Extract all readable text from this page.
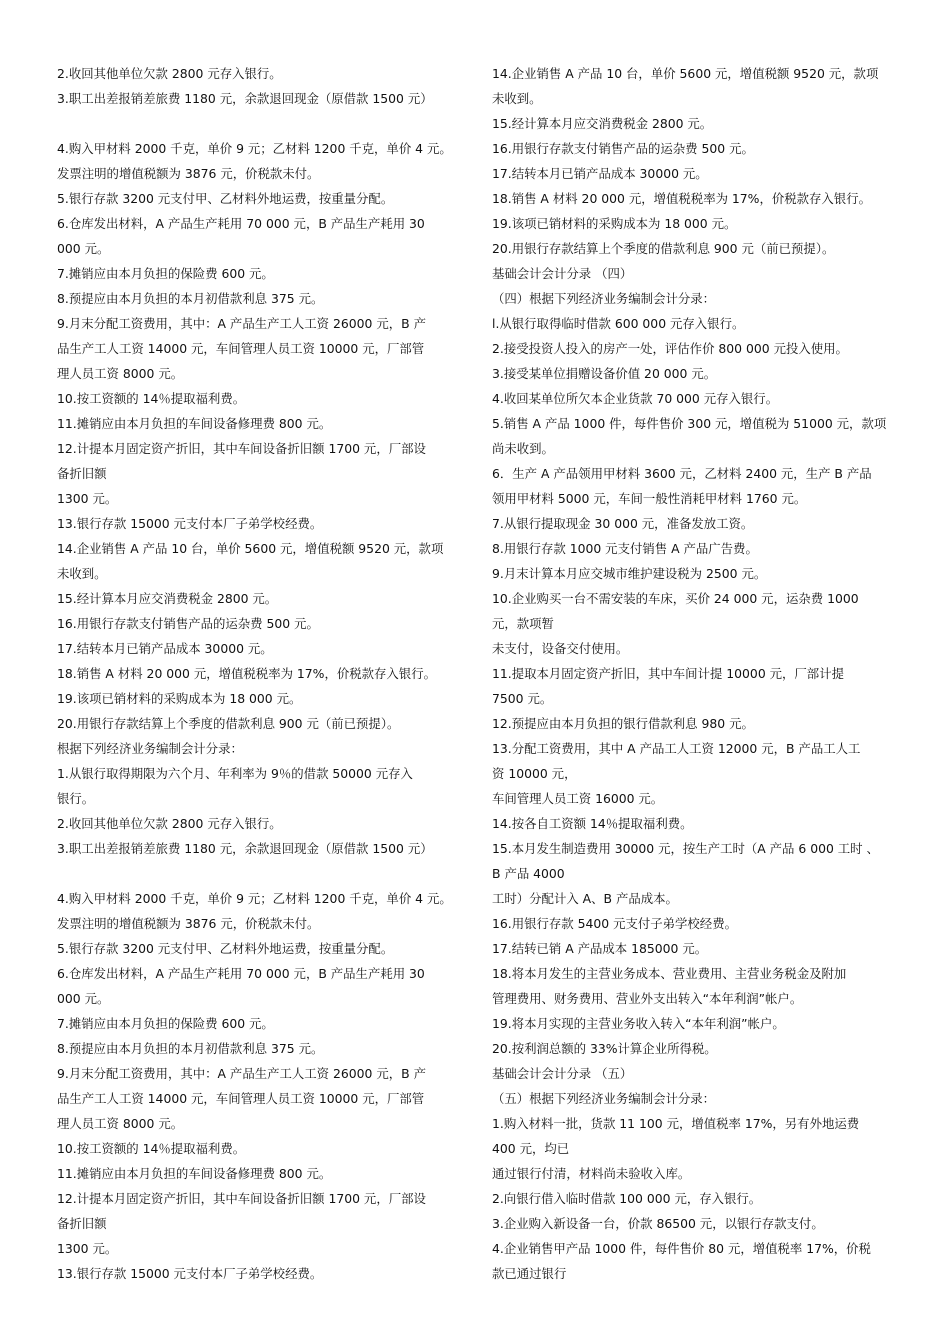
2.收回其他单位欠款 2800 元存入银行。
3.职工出差报销差旅费 1180 元，余款退回现金（原借款 1500 元）
4.购入甲材料 2000 千克，单价 9 元；乙材料 1200 千克，单价 4 元。
发票注明的增值税额为 3876 元，价税款未付。
5.银行存款 3200 元支付甲、乙材料外地运费，按重量分配。
6.仓库发出材料，A 产品生产耗用 70 000 元，B 产品生产耗用 30
000 元。
7.摊销应由本月负担的保险费 600 元。
8.预提应由本月负担的本月初借款利息 375 元。
9.月末分配工资费用，其中：A 产品生产工人工资 26000 元，B 产
品生产工人工资 14000 元，车间管理人员工资 10000 元，厂部管
理人员工资 8000 元。
10.按工资额的 14％提取福利费。
11.摊销应由本月负担的车间设备修理费 800 元。
12.计提本月固定资产折旧，其中车间设备折旧额 1700 元，厂部设
备折旧额
1300 元。
13.银行存款 15000 元支付本厂子弟学校经费。
14.企业销售 A 产品 10 台，单价 5600 元，增值税额 9520 元，款项
未收到。
15.经计算本月应交消费税金 2800 元。
16.用银行存款支付销售产品的运杂费 500 元。
17.结转本月已销产品成本 30000 元。
18.销售 A 材料 20 000 元，增值税税率为 17%，价税款存入银行。
19.该项已销材料的采购成本为 18 000 元。
20.用银行存款结算上个季度的借款利息 900 元（前已预提）。
根据下列经济业务编制会计分录：
1.从银行取得期限为六个月、年利率为 9％的借款 50000 元存入
银行。
2.收回其他单位欠款 2800 元存入银行。
3.职工出差报销差旅费 1180 元，余款退回现金（原借款 1500 元）
4.购入甲材料 2000 千克，单价 9 元；乙材料 1200 千克，单价 4 元。
发票注明的增值税额为 3876 元，价税款未付。
5.银行存款 3200 元支付甲、乙材料外地运费，按重量分配。
6.仓库发出材料，A 产品生产耗用 70 000 元，B 产品生产耗用 30
000 元。
7.摊销应由本月负担的保险费 600 元。
8.预提应由本月负担的本月初借款利息 375 元。
9.月末分配工资费用，其中：A 产品生产工人工资 26000 元，B 产
品生产工人工资 14000 元，车间管理人员工资 10000 元，厂部管
理人员工资 8000 元。
10.按工资额的 14％提取福利费。
11.摊销应由本月负担的车间设备修理费 800 元。
12.计提本月固定资产折旧，其中车间设备折旧额 1700 元，厂部设
备折旧额
1300 元。
13.银行存款 15000 元支付本厂子弟学校经费。
14.企业销售 A 产品 10 台，单价 5600 元，增值税额 9520 元，款项
未收到。
15.经计算本月应交消费税金 2800 元。
16.用银行存款支付销售产品的运杂费 500 元。
17.结转本月已销产品成本 30000 元。
18.销售 A 材料 20 000 元，增值税税率为 17%，价税款存入银行。
19.该项已销材料的采购成本为 18 000 元。
20.用银行存款结算上个季度的借款利息 900 元（前已预提）。
基础会计会计分录 （四）
（四）根据下列经济业务编制会计分录：
l.从银行取得临时借款 600 000 元存入银行。
2.接受投资人投入的房产一处，评估作价 800 000 元投入使用。
3.接受某单位捐赠设备价值 20 000 元。
4.收回某单位所欠本企业货款 70 000 元存入银行。
5.销售 A 产品 1000 件，每件售价 300 元，增值税为 51000 元，款项
尚未收到。
6．生产 A 产品领用甲材料 3600 元，乙材料 2400 元，生产 B 产品
领用甲材料 5000 元，车间一般性消耗甲材料 1760 元。
7.从银行提取现金 30 000 元，准备发放工资。
8.用银行存款 1000 元支付销售 A 产品广告费。
9.月末计算本月应交城市维护建设税为 2500 元。
10.企业购买一台不需安装的车床，买价 24 000 元，运杂费 1000
元，款项暂
未支付，设备交付使用。
11.提取本月固定资产折旧，其中车间计提 10000 元，厂部计提
7500 元。
12.预提应由本月负担的银行借款利息 980 元。
13.分配工资费用，其中 A 产品工人工资 12000 元，B 产品工人工
资 10000 元，
车间管理人员工资 16000 元。
14.按各自工资额 14％提取福利费。
15.本月发生制造费用 30000 元，按生产工时（A 产品 6 000 工时 、
B 产品 4000
工时）分配计入 A、B 产品成本。
16.用银行存款 5400 元支付子弟学校经费。
17.结转已销 A 产品成本 185000 元。
18.将本月发生的主营业务成本、营业费用、主营业务税金及附加
管理费用、财务费用、营业外支出转入“本年利润”帐户。
19.将本月实现的主营业务收入转入“本年利润”帐户。
20.按利润总额的 33%计算企业所得税。
基础会计会计分录 （五）
（五）根据下列经济业务编制会计分录：
1.购入材料一批，货款 11 100 元，增值税率 17%，另有外地运费
400 元，均已
通过银行付清，材料尚未验收入库。
2.向银行借入临时借款 100 000 元，存入银行。
3.企业购入新设备一台，价款 86500 元，以银行存款支付。
4.企业销售甲产品 1000 件，每件售价 80 元，增值税率 17%，价税
款已通过银行
